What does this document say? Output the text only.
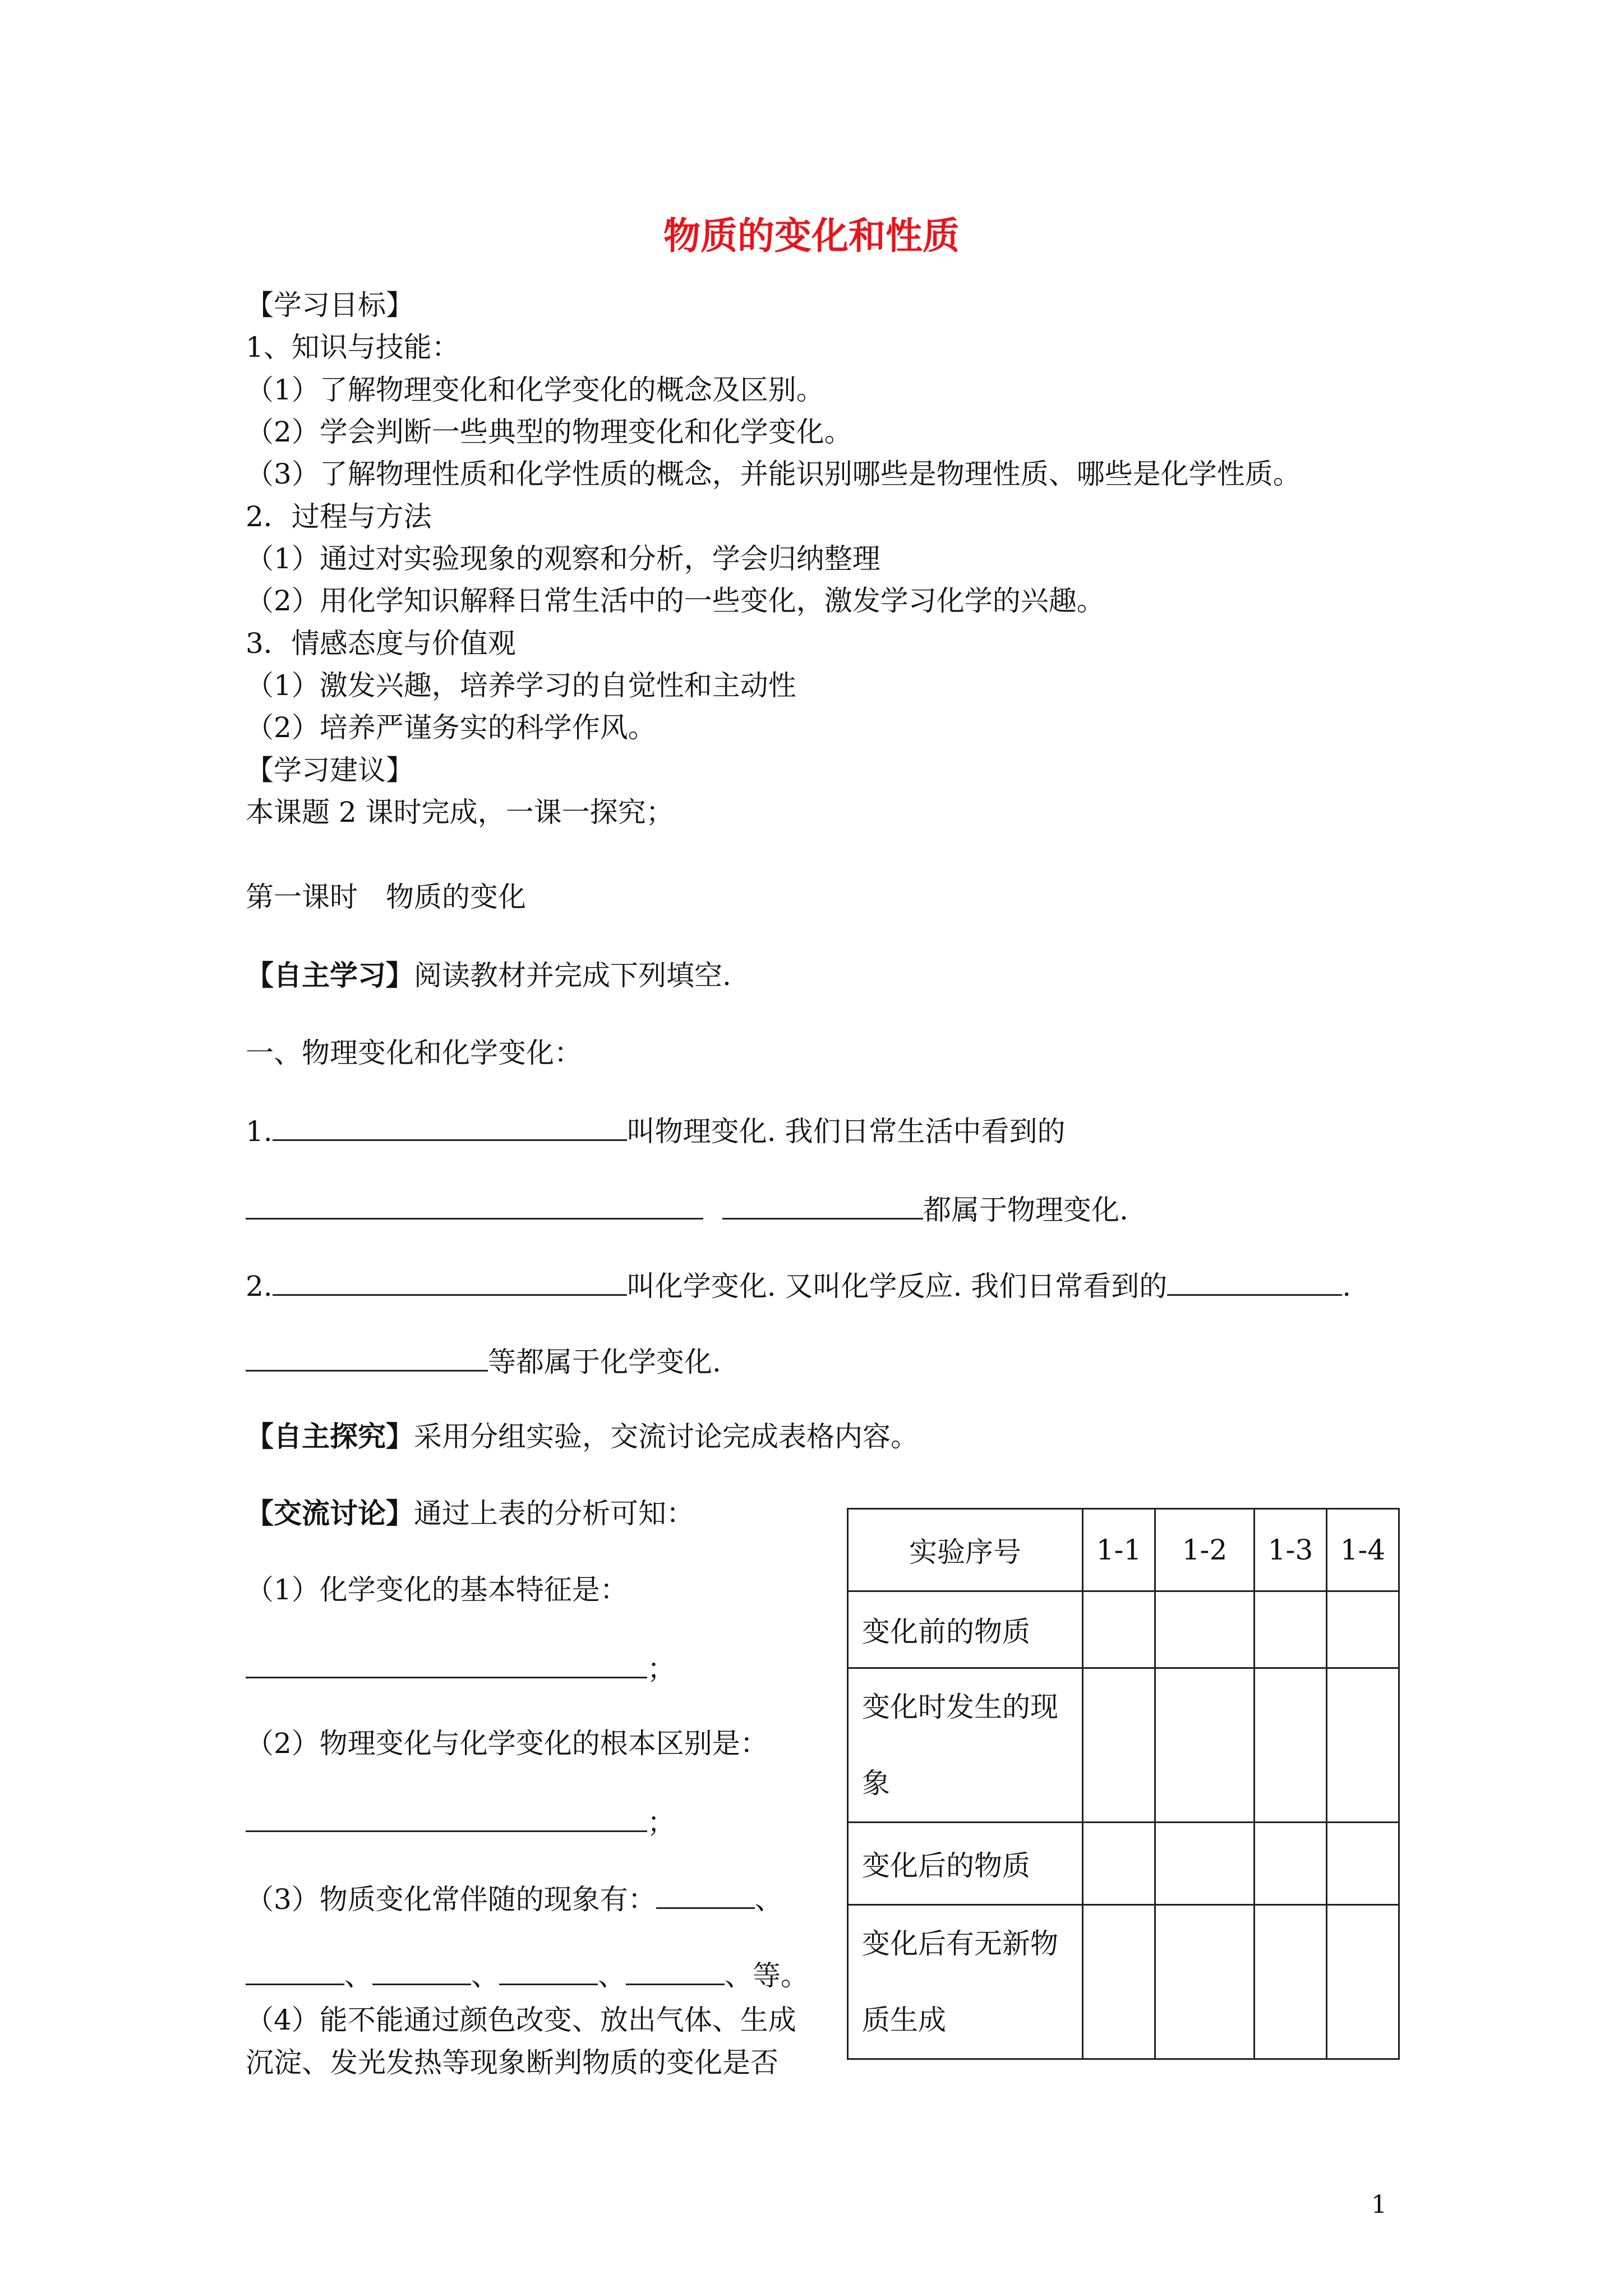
物质的变化和性质
【学习目标】
1、知识与技能：
（1）了解物理变化和化学变化的概念及区别。
（2）学会判断一些典型的物理变化和化学变化。
（3）了解物理性质和化学性质的概念，并能识别哪些是物理性质、哪些是化学性质。
2．过程与方法
（1）通过对实验现象的观察和分析，学会归纳整理
（2）用化学知识解释日常生活中的一些变化，激发学习化学的兴趣。
3．情感态度与价值观
（1）激发兴趣，培养学习的自觉性和主动性
（2）培养严谨务实的科学作风。
【学习建议】
本课题 2 课时完成，一课一探究；
第一课时　物质的变化
【自主学习】阅读教材并完成下列填空.
一、物理变化和化学变化：
1.	叫物理变化. 我们日常生活中看到的
都属于物理变化.
2.	叫化学变化. 又叫化学反应. 我们日常看到的	.
等都属于化学变化.
【自主探究】采用分组实验，交流讨论完成表格内容。
【交流讨论】通过上表的分析可知：
（1）化学变化的基本特征是：
；
（2）物理变化与化学变化的根本区别是：
；
（3）物质变化常伴随的现象有：	、
、	、	、	、等。
（4）能不能通过颜色改变、放出气体、生成
沉淀、发光发热等现象断判物质的变化是否
实验序号	1-1	1-2	1-3	1-4
变化前的物质				
变化时发生的现象				
变化后的物质				
变化后有无新物质生成				
1
